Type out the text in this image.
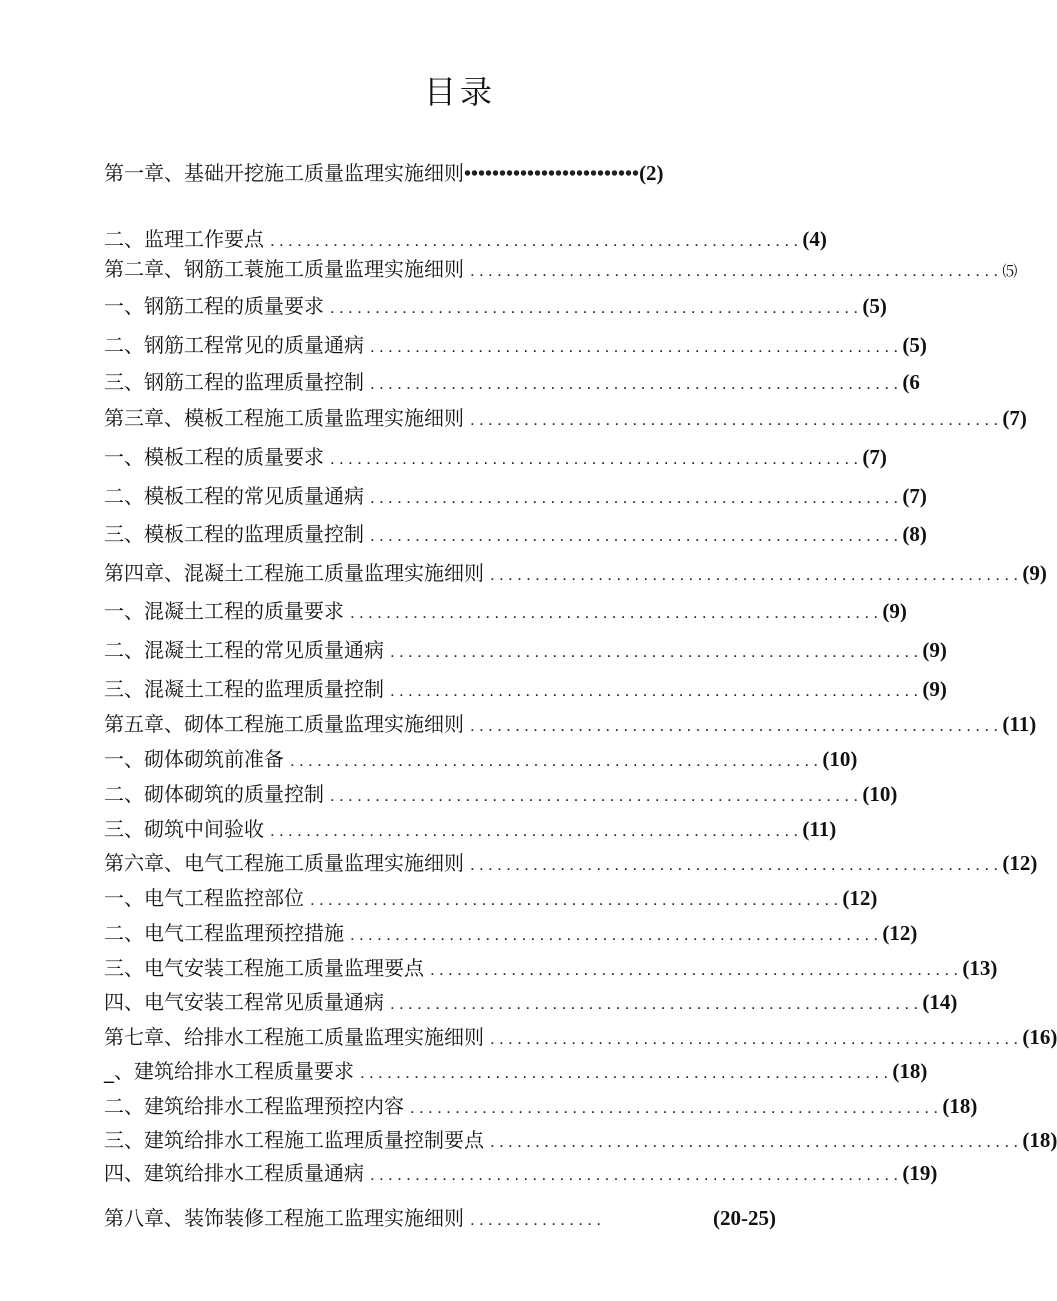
目录
第一章、基础开挖施工质量监理实施细则 ••••••••••••••••••••••••• (2)
二、监理工作要点 ........................................................... (4)
第二章、钢筋工蓑施工质量监理实施细则 ........................................................... ⑸
一、钢筋工程的质量要求 ........................................................... (5)
二、钢筋工程常见的质量通病 ........................................................... (5)
三、钢筋工程的监理质量控制 ........................................................... (6
第三章、模板工程施工质量监理实施细则 ........................................................... (7)
一、模板工程的质量要求 ........................................................... (7)
二、模板工程的常见质量通病 ........................................................... (7)
三、模板工程的监理质量控制 ........................................................... (8)
第四章、混凝土工程施工质量监理实施细则 ........................................................... (9)
一、混凝土工程的质量要求 ........................................................... (9)
二、混凝土工程的常见质量通病 ........................................................... (9)
三、混凝土工程的监理质量控制 ........................................................... (9)
第五章、砌体工程施工质量监理实施细则 ........................................................... (11)
一、砌体砌筑前准备 ........................................................... (10)
二、砌体砌筑的质量控制 ........................................................... (10)
三、砌筑中间验收 ........................................................... (11)
第六章、电气工程施工质量监理实施细则 ........................................................... (12)
一、电气工程监控部位 ........................................................... (12)
二、电气工程监理预控措施 ........................................................... (12)
三、电气安装工程施工质量监理要点 ........................................................... (13)
四、电气安装工程常见质量通病 ........................................................... (14)
第七章、给排水工程施工质量监理实施细则 ........................................................... (16)
_、建筑给排水工程质量要求 ........................................................... (18)
二、建筑给排水工程监理预控内容 ........................................................... (18)
三、建筑给排水工程施工监理质量控制要点 ........................................................... (18)
四、建筑给排水工程质量通病 ........................................................... (19)
第八章、装饰装修工程施工监理实施细则 ...............	(20-25)
